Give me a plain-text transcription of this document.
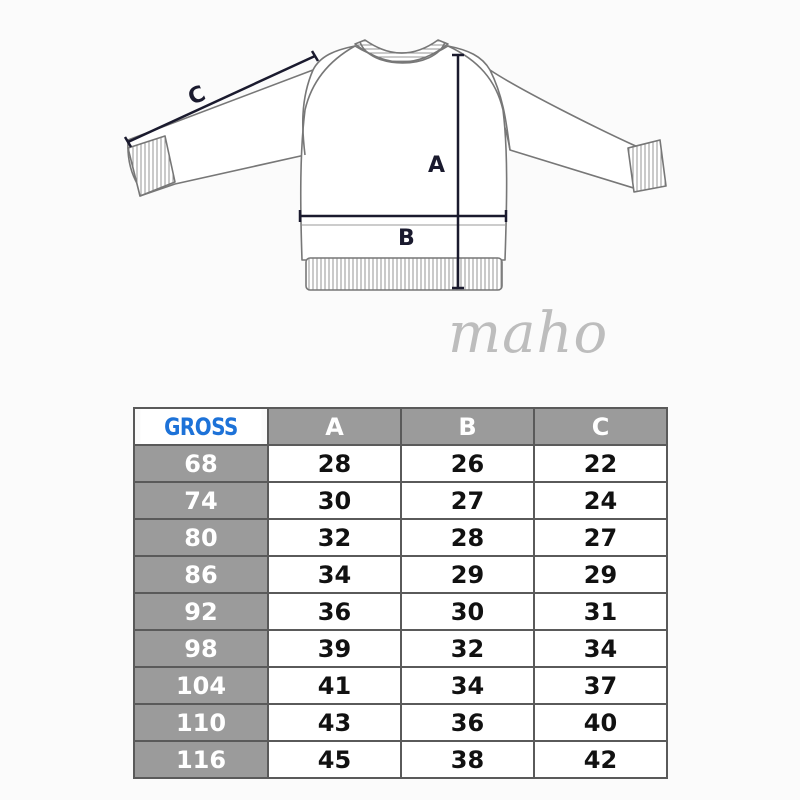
A
B
C
maho
GROSS	A	B	C
68	28	26	22
74	30	27	24
80	32	28	27
86	34	29	29
92	36	30	31
98	39	32	34
104	41	34	37
110	43	36	40
116	45	38	42
